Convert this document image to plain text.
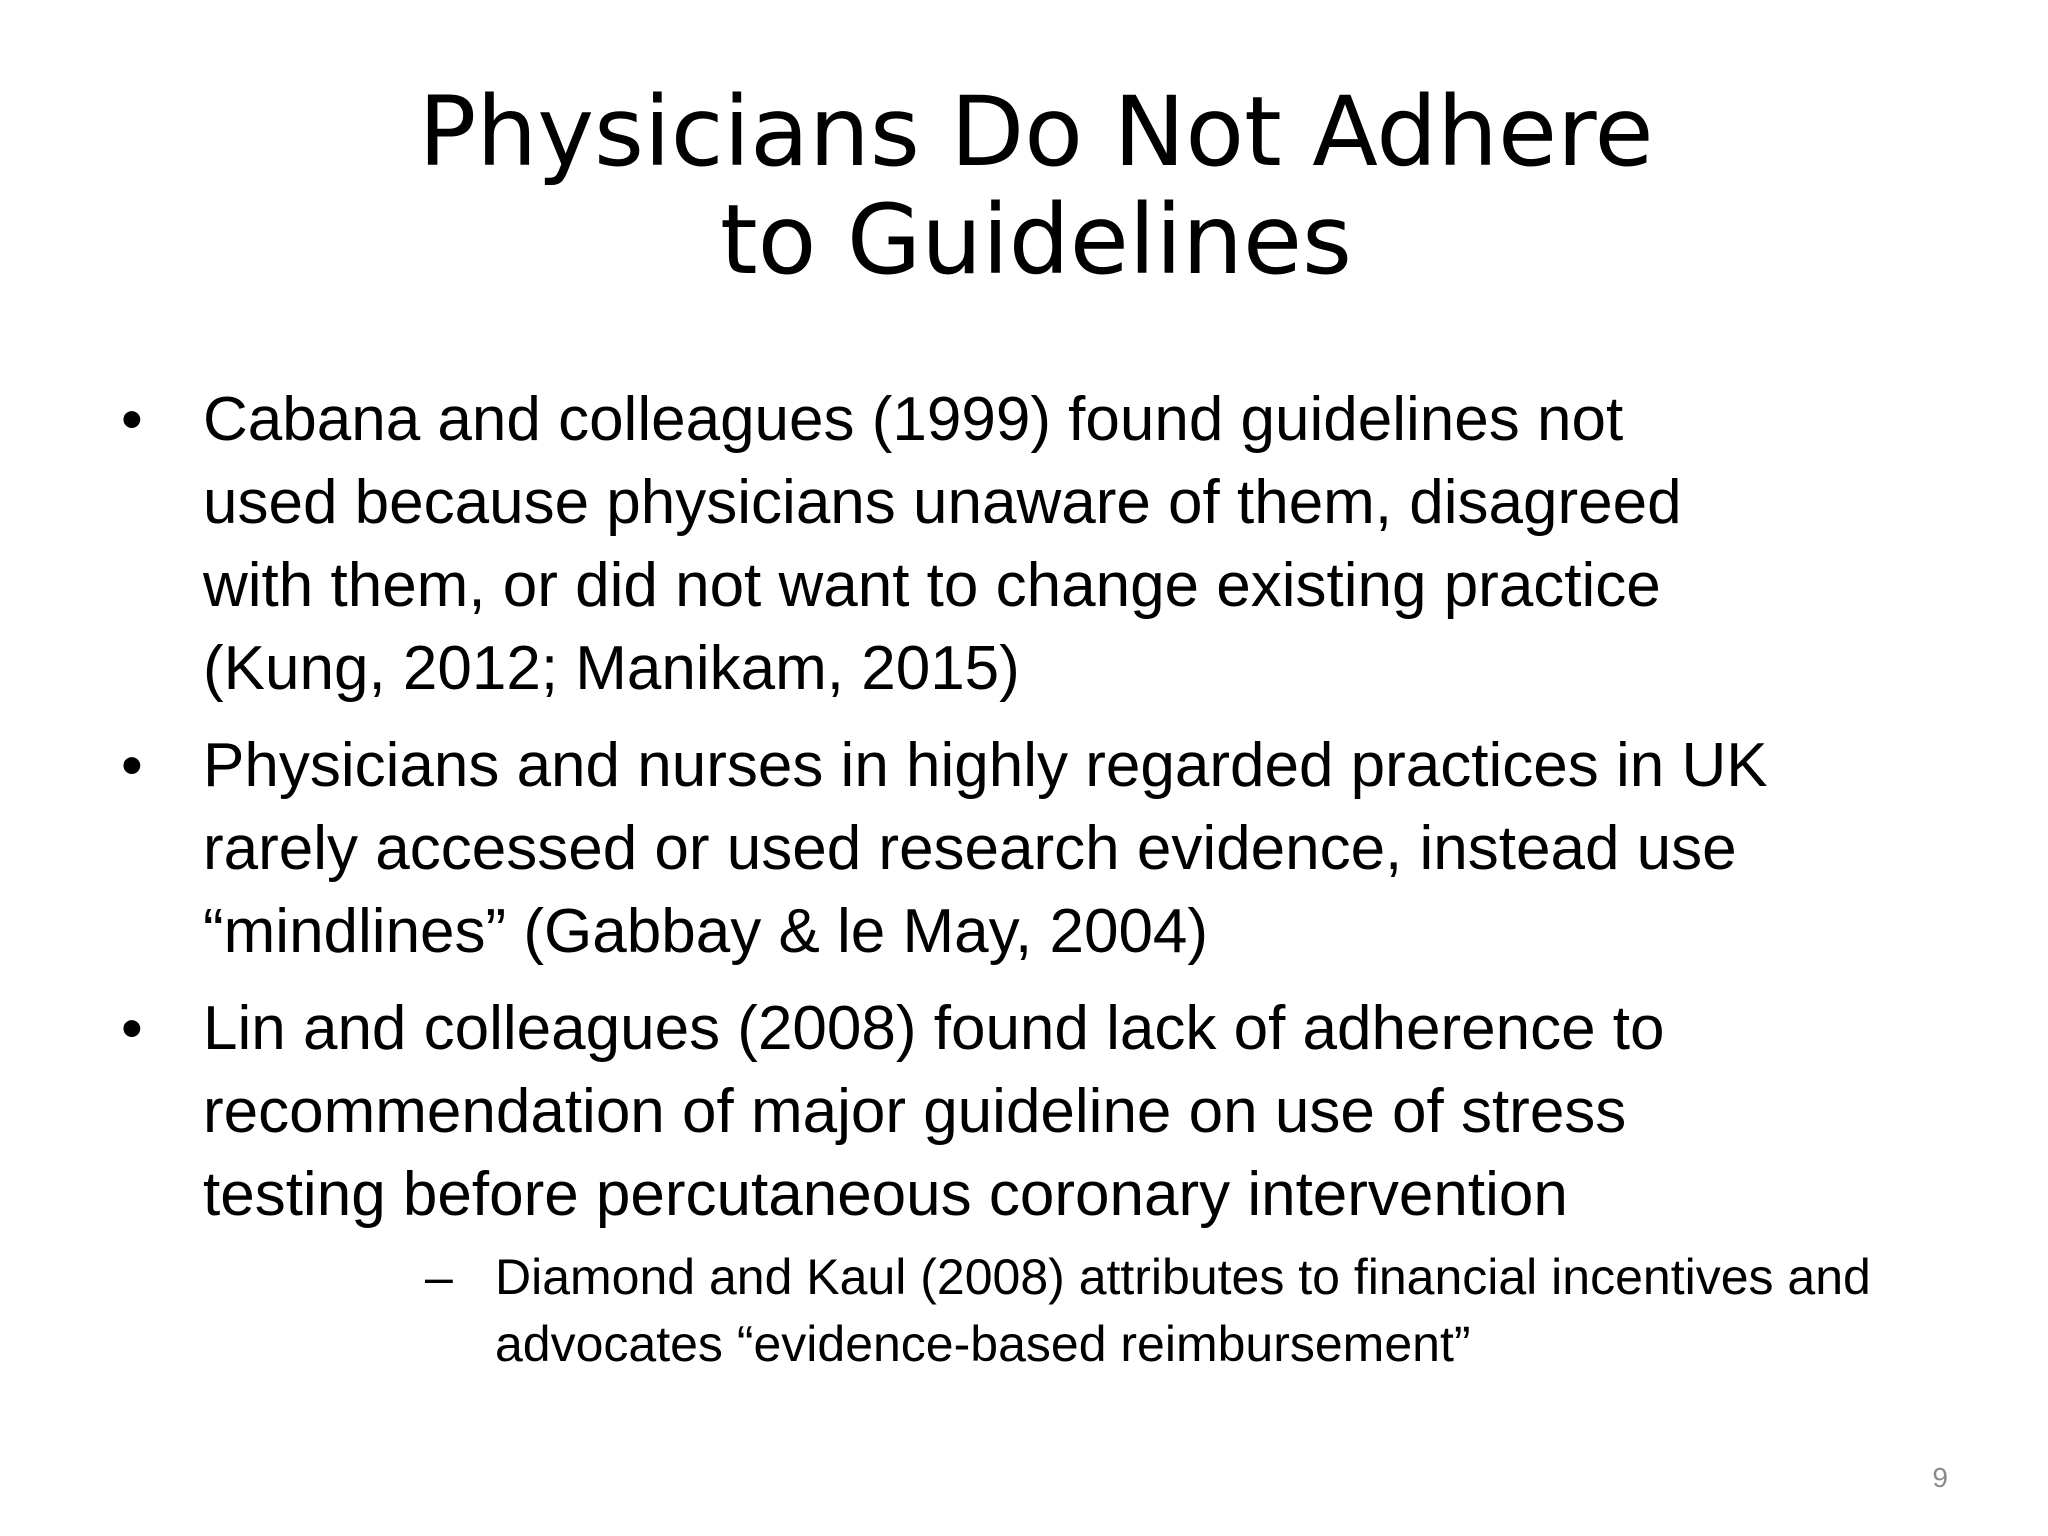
Physicians Do Not Adhere
to Guidelines
• Cabana and colleagues (1999) found guidelines not
used because physicians unaware of them, disagreed
with them, or did not want to change existing practice
(Kung, 2012; Manikam, 2015)
• Physicians and nurses in highly regarded practices in UK
rarely accessed or used research evidence, instead use
“mindlines” (Gabbay & le May, 2004)
• Lin and colleagues (2008) found lack of adherence to
recommendation of major guideline on use of stress
testing before percutaneous coronary intervention
– Diamond and Kaul (2008) attributes to financial incentives and
advocates “evidence-based reimbursement”
9
